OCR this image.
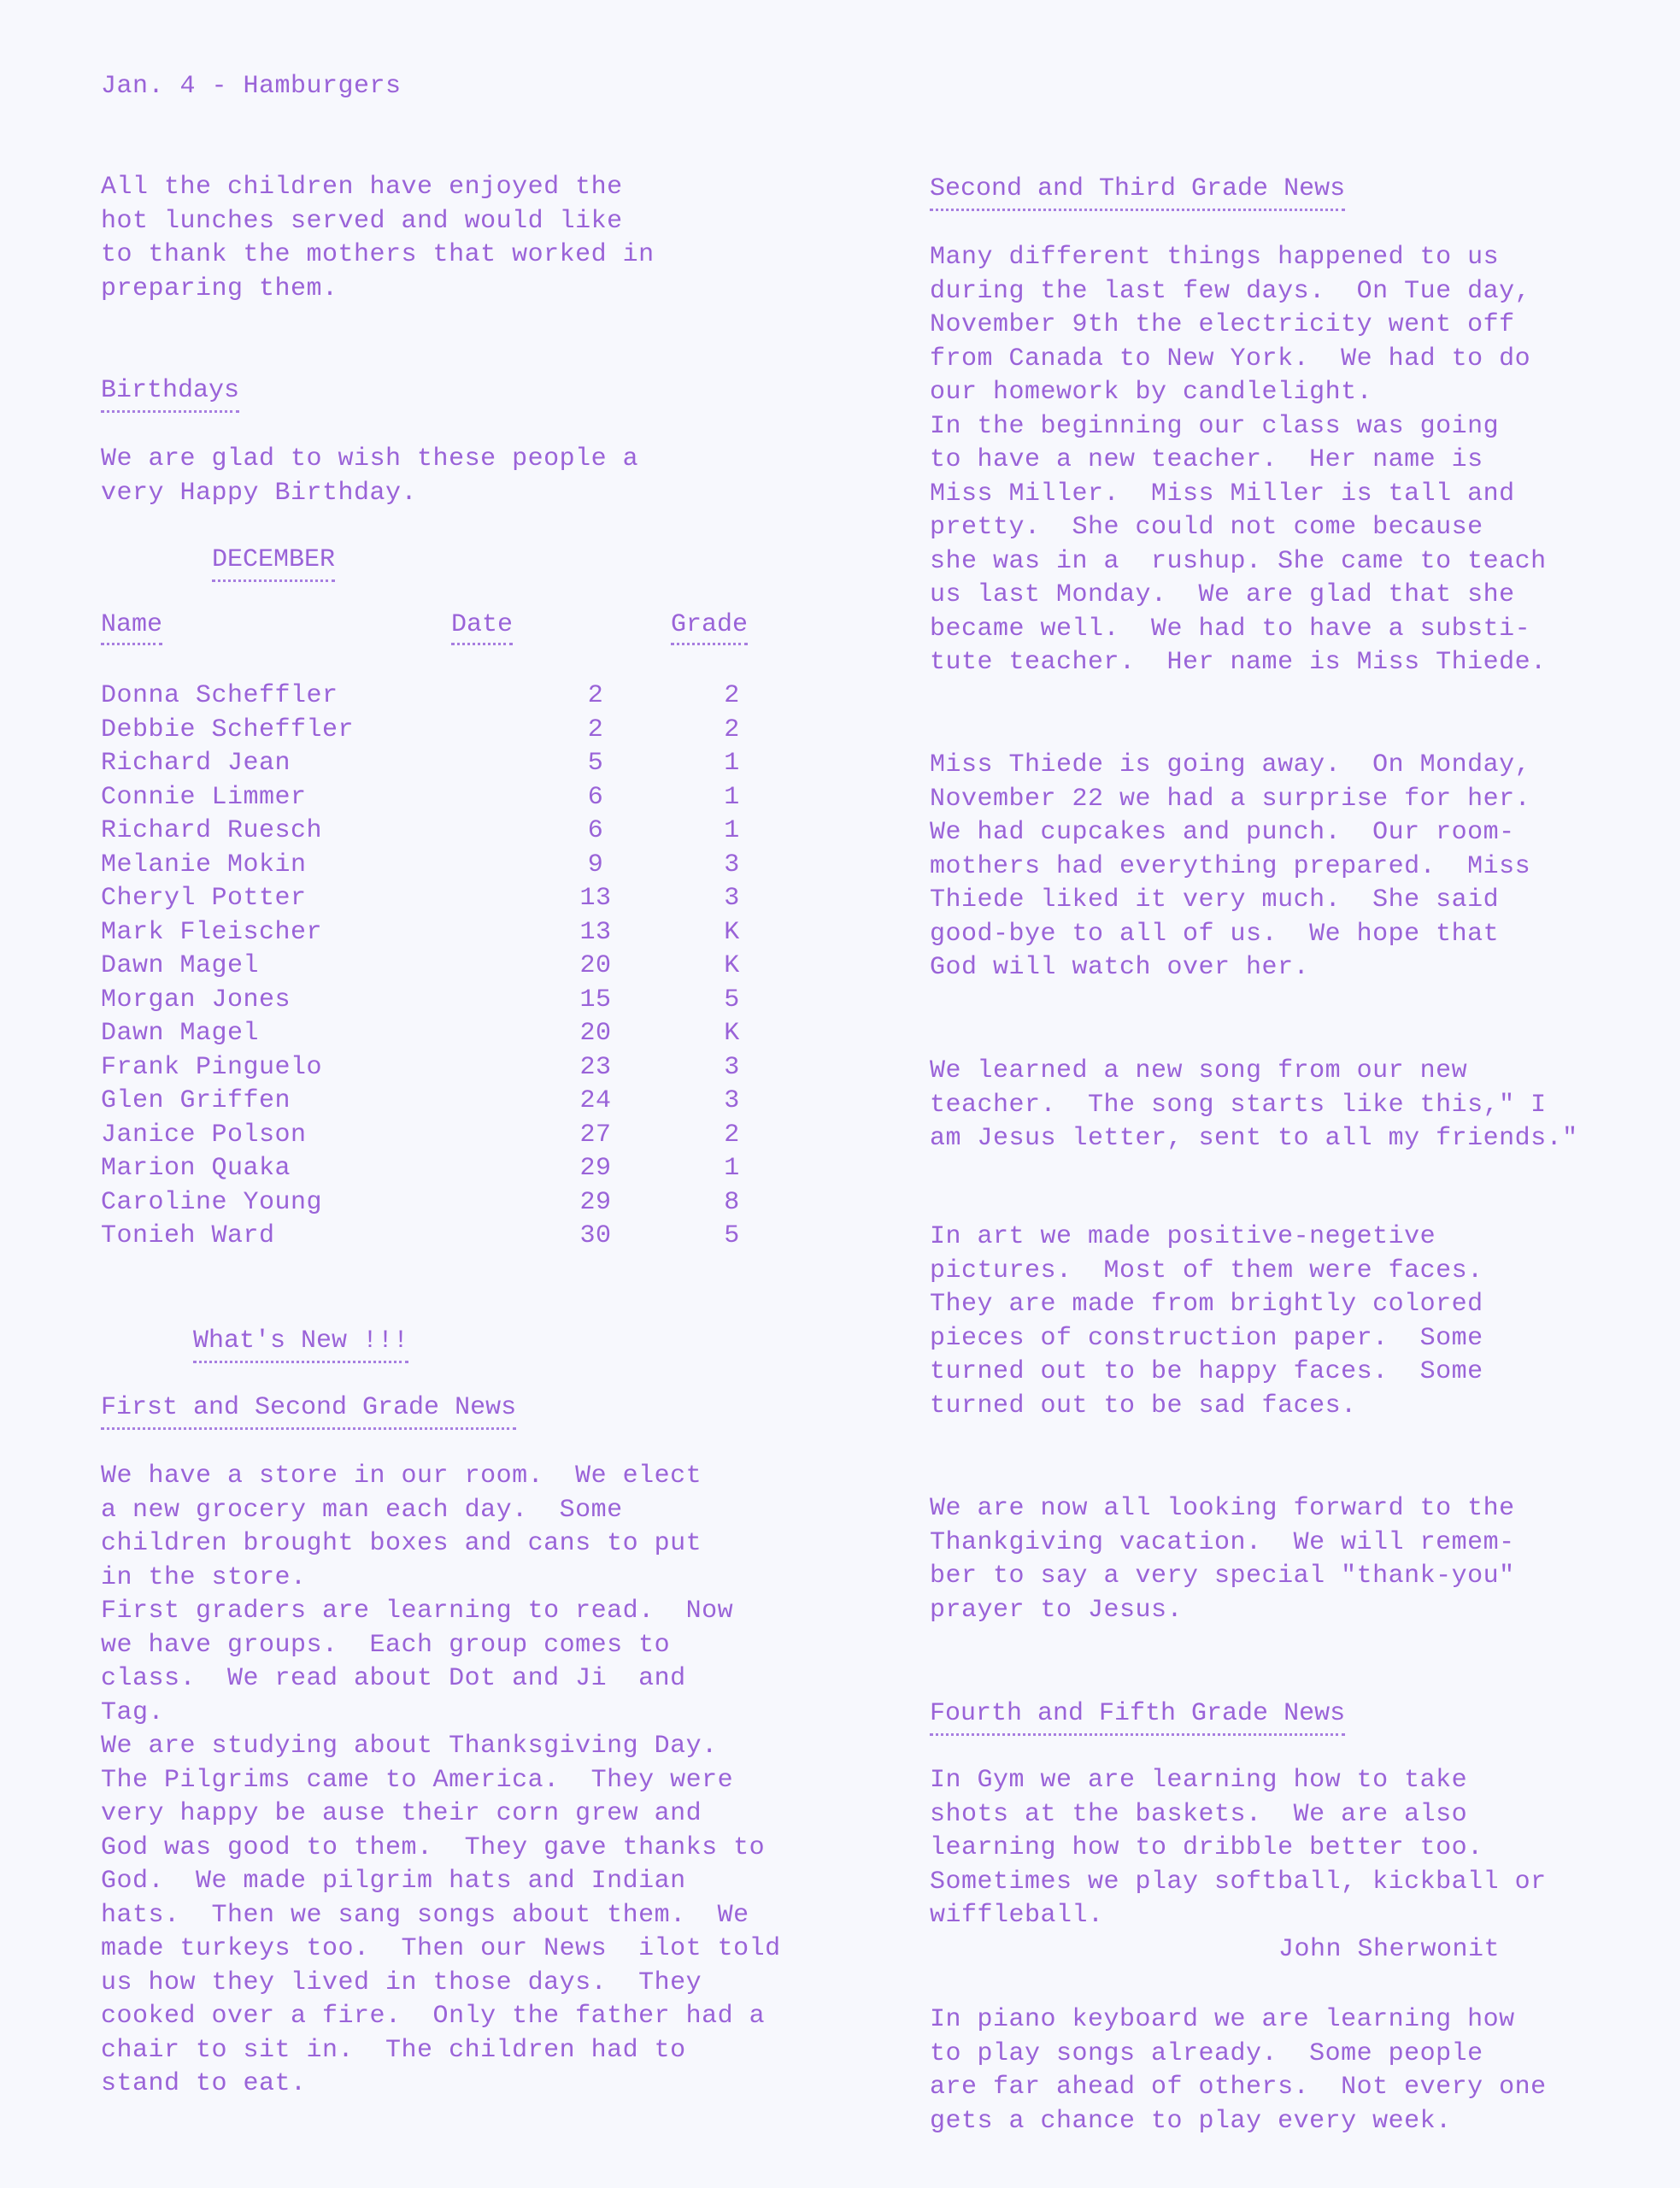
Jan. 4 - Hamburgers

All the children have enjoyed the

hot lunches served and would like

to thank the mothers that worked in

preparing them.

Birthdays

We are glad to wish these people a

very Happy Birthday.

DECEMBER
Name	Date	Grade
Donna Scheffler	2	2
Debbie Scheffler	2	2
Richard Jean	5	1
Connie Limmer	6	1
Richard Ruesch	6	1
Melanie Mokin	9	3
Cheryl Potter	13	3
Mark Fleischer	13	K
Dawn Magel	20	K
Morgan Jones	15	5
Dawn Magel	20	K
Frank Pinguelo	23	3
Glen Griffen	24	3
Janice Polson	27	2
Marion Quaka	29	1
Caroline Young	29	8
Tonieh Ward	30	5
What's New !!!
First and Second Grade News

We have a store in our room.  We elect

a new grocery man each day.  Some

children brought boxes and cans to put

in the store.

First graders are learning to read.  Now

we have groups.  Each group comes to

class.  We read about Dot and Ji  and

Tag.

We are studying about Thanksgiving Day.

The Pilgrims came to America.  They were

very happy be ause their corn grew and

God was good to them.  They gave thanks to

God.  We made pilgrim hats and Indian

hats.  Then we sang songs about them.  We

made turkeys too.  Then our News  ilot told

us how they lived in those days.  They

cooked over a fire.  Only the father had a

chair to sit in.  The children had to

stand to eat.

Second and Third Grade News

Many different things happened to us

during the last few days.  On Tue day,

November 9th the electricity went off

from Canada to New York.  We had to do

our homework by candlelight.

In the beginning our class was going

to have a new teacher.  Her name is

Miss Miller.  Miss Miller is tall and

pretty.  She could not come because

she was in a  rushup. She came to teach

us last Monday.  We are glad that she

became well.  We had to have a substi-

tute teacher.  Her name is Miss Thiede.

Miss Thiede is going away.  On Monday,

November 22 we had a surprise for her.

We had cupcakes and punch.  Our room-

mothers had everything prepared.  Miss

Thiede liked it very much.  She said

good-bye to all of us.  We hope that

God will watch over her.

We learned a new song from our new

teacher.  The song starts like this," I

am Jesus letter, sent to all my friends."

In art we made positive-negetive

pictures.  Most of them were faces.

They are made from brightly colored

pieces of construction paper.  Some

turned out to be happy faces.  Some

turned out to be sad faces.

We are now all looking forward to the

Thankgiving vacation.  We will remem-

ber to say a very special "thank-you"

prayer to Jesus.

Fourth and Fifth Grade News

In Gym we are learning how to take

shots at the baskets.  We are also

learning how to dribble better too.

Sometimes we play softball, kickball or

wiffleball.

John Sherwonit

In piano keyboard we are learning how

to play songs already.  Some people

are far ahead of others.  Not every one

gets a chance to play every week.
